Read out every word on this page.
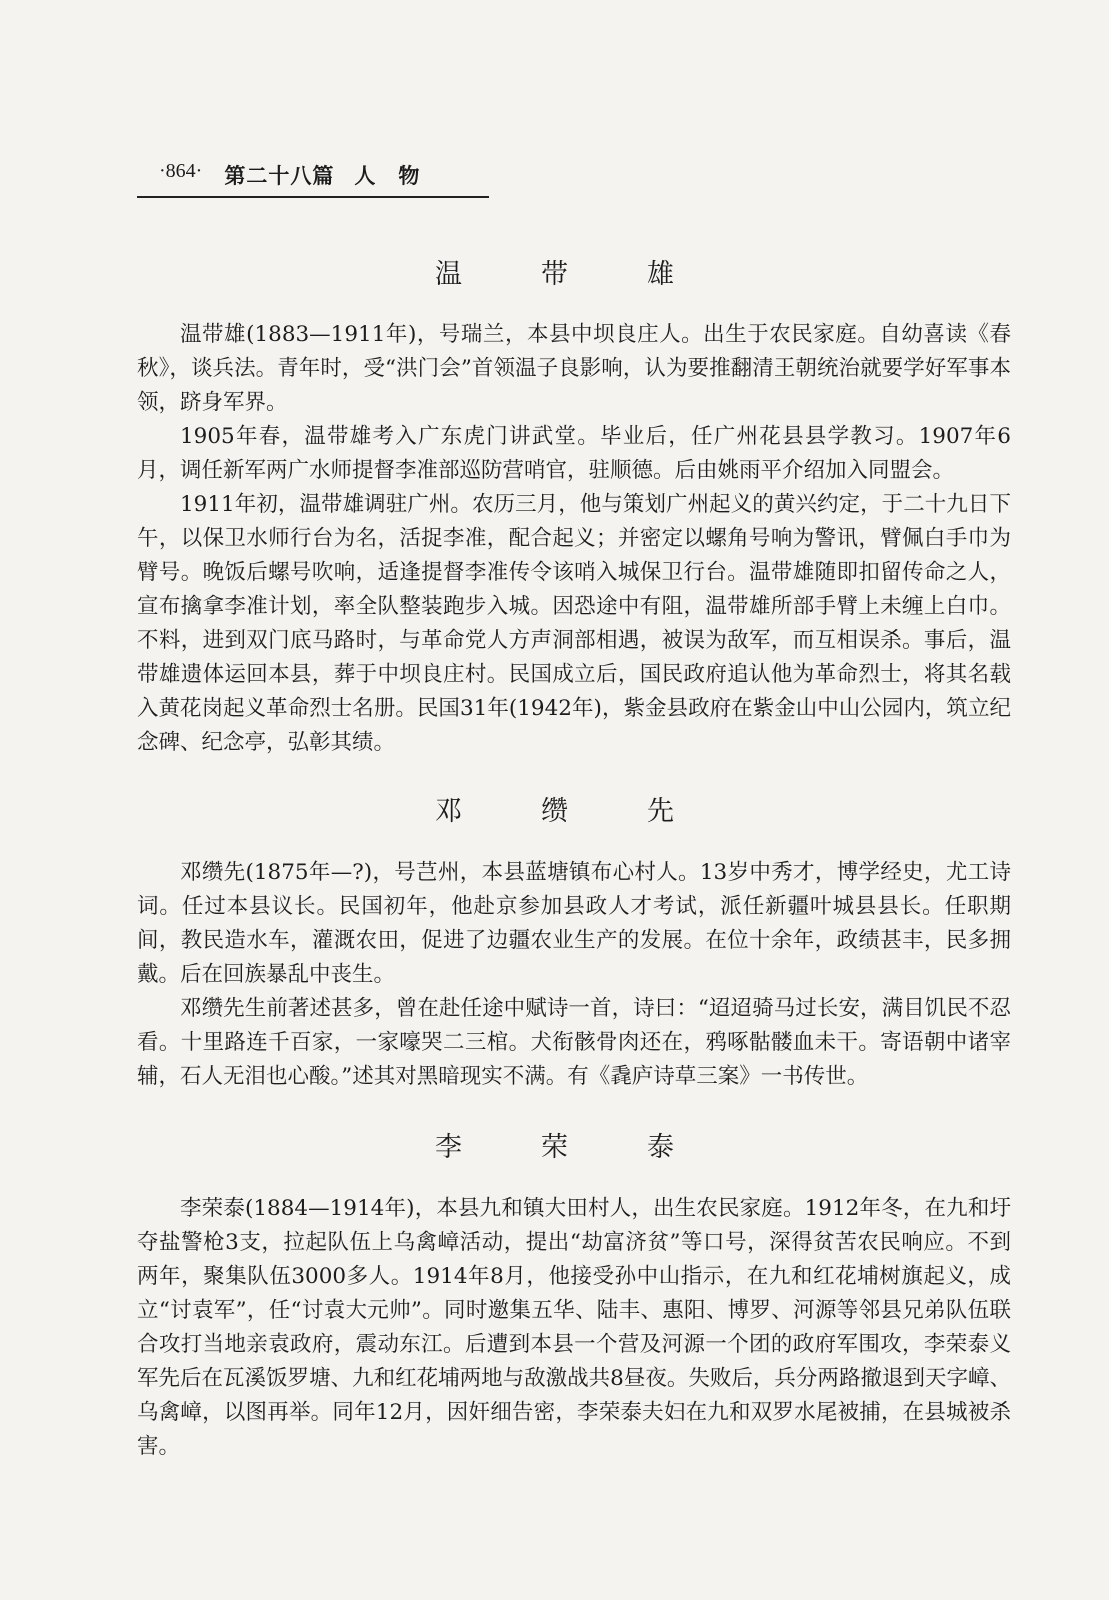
·864· 第二十八篇 人　物
温　带　雄

温带雄(1883—1911年)，号瑞兰，本县中坝良庄人。出生于农民家庭。自幼喜读《春秋》，谈兵法。青年时，受“洪门会”首领温子良影响，认为要推翻清王朝统治就要学好军事本领，跻身军界。

1905年春，温带雄考入广东虎门讲武堂。毕业后，任广州花县县学教习。1907年6月，调任新军两广水师提督李准部巡防营哨官，驻顺德。后由姚雨平介绍加入同盟会。

1911年初，温带雄调驻广州。农历三月，他与策划广州起义的黄兴约定，于二十九日下午，以保卫水师行台为名，活捉李准，配合起义；并密定以螺角号响为警讯，臂佩白手巾为臂号。晚饭后螺号吹响，适逢提督李准传令该哨入城保卫行台。温带雄随即扣留传命之人，宣布擒拿李准计划，率全队整装跑步入城。因恐途中有阻，温带雄所部手臂上未缠上白巾。不料，进到双门底马路时，与革命党人方声洞部相遇，被误为敌军，而互相误杀。事后，温带雄遗体运回本县，葬于中坝良庄村。民国成立后，国民政府追认他为革命烈士，将其名载入黄花岗起义革命烈士名册。民国31年(1942年)，紫金县政府在紫金山中山公园内，筑立纪念碑、纪念亭，弘彰其绩。

邓　缵　先

邓缵先(1875年—?)，号芑州，本县蓝塘镇布心村人。13岁中秀才，博学经史，尤工诗词。任过本县议长。民国初年，他赴京参加县政人才考试，派任新疆叶城县县长。任职期间，教民造水车，灌溉农田，促进了边疆农业生产的发展。在位十余年，政绩甚丰，民多拥戴。后在回族暴乱中丧生。

邓缵先生前著述甚多，曾在赴任途中赋诗一首，诗曰：“迢迢骑马过长安，满目饥民不忍看。十里路连千百家，一家嚎哭二三棺。犬衔骸骨肉还在，鸦啄骷髅血未干。寄语朝中诸宰辅，石人无泪也心酸。”述其对黑暗现实不满。有《毳庐诗草三案》一书传世。

李　荣　泰

李荣泰(1884—1914年)，本县九和镇大田村人，出生农民家庭。1912年冬，在九和圩夺盐警枪3支，拉起队伍上乌禽嶂活动，提出“劫富济贫”等口号，深得贫苦农民响应。不到两年，聚集队伍3000多人。1914年8月，他接受孙中山指示，在九和红花埔树旗起义，成立“讨袁军”，任“讨袁大元帅”。同时邀集五华、陆丰、惠阳、博罗、河源等邻县兄弟队伍联合攻打当地亲袁政府，震动东江。后遭到本县一个营及河源一个团的政府军围攻，李荣泰义军先后在瓦溪饭罗塘、九和红花埔两地与敌激战共8昼夜。失败后，兵分两路撤退到天字嶂、乌禽嶂，以图再举。同年12月，因奸细告密，李荣泰夫妇在九和双罗水尾被捕，在县城被杀害。
